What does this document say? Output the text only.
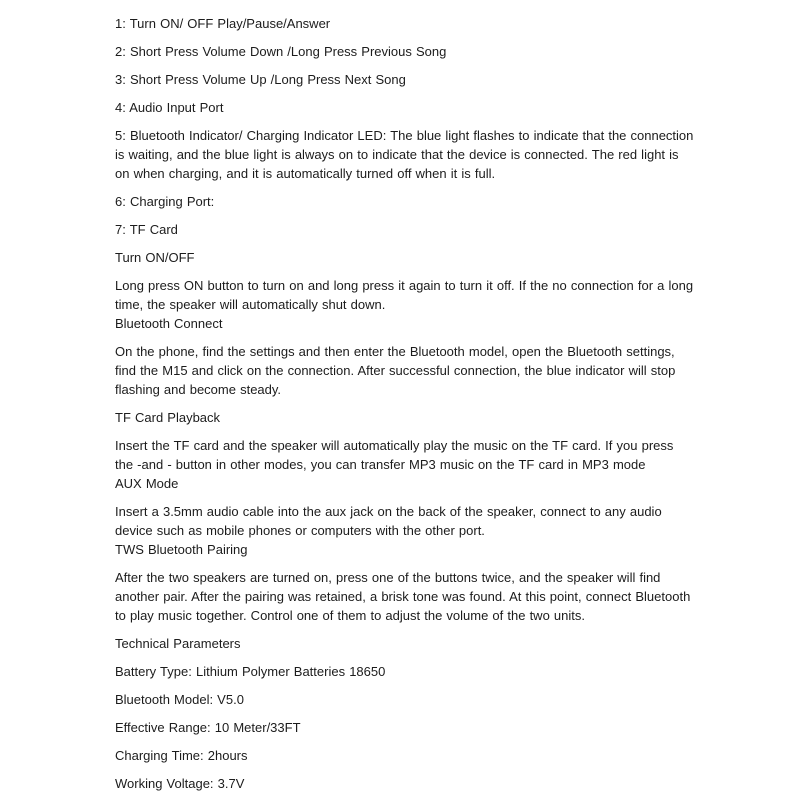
1: Turn ON/ OFF Play/Pause/Answer

2: Short Press Volume Down /Long Press Previous Song

3: Short Press Volume Up /Long Press Next Song

4: Audio Input Port

5: Bluetooth Indicator/ Charging Indicator LED: The blue light flashes to indicate that the connection is waiting, and the blue light is always on to indicate that the device is connected. The red light is on when charging, and it is automatically turned off when it is full.

6: Charging Port:

7: TF Card

Turn ON/OFF

Long press ON button to turn on and long press it again to turn it off. If the no connection for a long time, the speaker will automatically shut down.

Bluetooth Connect

On the phone, find the settings and then enter the Bluetooth model, open the Bluetooth settings, find the M15 and click on the connection. After successful connection, the blue indicator will stop flashing and become steady.

TF Card Playback

Insert the TF card and the speaker will automatically play the music on the TF card. If you press the -and - button in other modes, you can transfer MP3 music on the TF card in MP3 mode

AUX Mode

Insert a 3.5mm audio cable into the aux jack on the back of the speaker, connect to any audio device such as mobile phones or computers with the other port.

TWS Bluetooth Pairing

After the two speakers are turned on, press one of the buttons twice, and the speaker will find another pair. After the pairing was retained, a brisk tone was found. At this point, connect Bluetooth to play music together. Control one of them to adjust the volume of the two units.

Technical Parameters

Battery Type: Lithium Polymer Batteries 18650

Bluetooth Model: V5.0

Effective Range: 10 Meter/33FT

Charging Time: 2hours

Working Voltage: 3.7V
